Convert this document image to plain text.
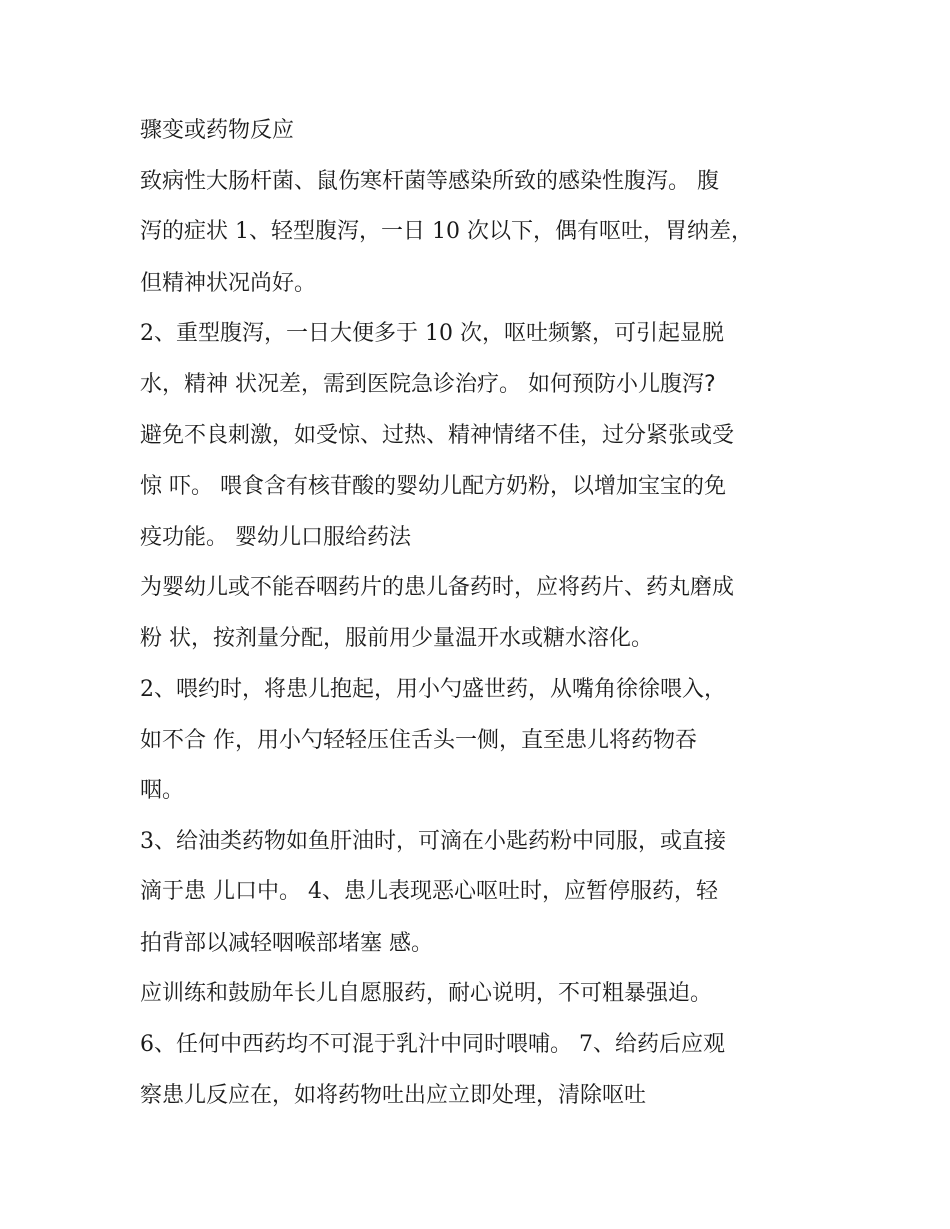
骤变或药物反应
致病性大肠杆菌、鼠伤寒杆菌等感染所致的感染性腹泻。 腹
泻的症状 1、轻型腹泻，一日 10 次以下，偶有呕吐，胃纳差，
但精神状况尚好。
2、重型腹泻，一日大便多于 10 次，呕吐频繁，可引起显脱
水，精神 状况差，需到医院急诊治疗。 如何预防小儿腹泻?
避免不良刺激，如受惊、过热、精神情绪不佳，过分紧张或受
惊 吓。 喂食含有核苷酸的婴幼儿配方奶粉，以增加宝宝的免
疫功能。 婴幼儿口服给药法
为婴幼儿或不能吞咽药片的患儿备药时，应将药片、药丸磨成
粉 状，按剂量分配，服前用少量温开水或糖水溶化。
2、喂约时，将患儿抱起，用小勺盛世药，从嘴角徐徐喂入，
如不合 作，用小勺轻轻压住舌头一侧，直至患儿将药物吞
咽。
3、给油类药物如鱼肝油时，可滴在小匙药粉中同服，或直接
滴于患 儿口中。 4、患儿表现恶心呕吐时，应暂停服药，轻
拍背部以减轻咽喉部堵塞 感。
应训练和鼓励年长儿自愿服药，耐心说明，不可粗暴强迫。
6、任何中西药均不可混于乳汁中同时喂哺。 7、给药后应观
察患儿反应在，如将药物吐出应立即处理，清除呕吐
